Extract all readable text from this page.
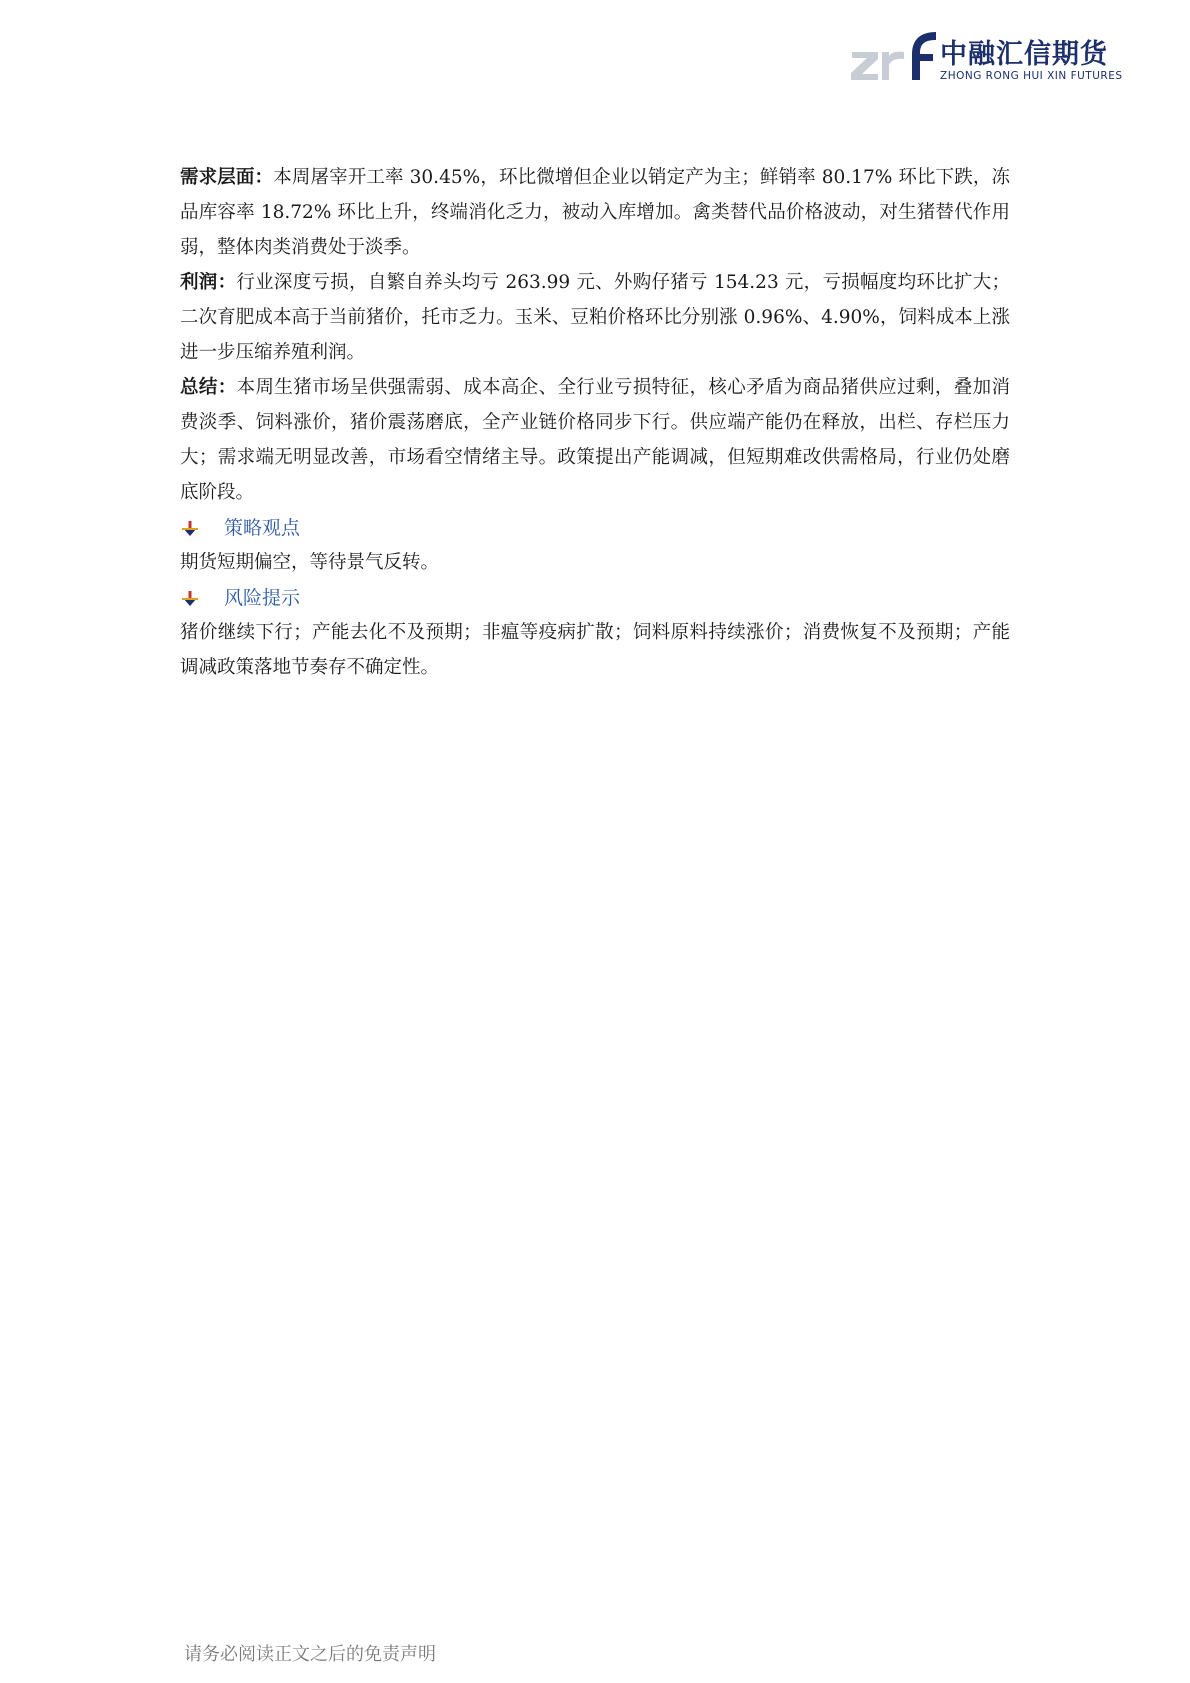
中融汇信期货
ZHONG RONG HUI XIN FUTURES

需求层面：本周屠宰开工率 30.45%，环比微增但企业以销定产为主；鲜销率 80.17% 环比下跌，冻品库容率 18.72% 环比上升，终端消化乏力，被动入库增加。禽类替代品价格波动，对生猪替代作用弱，整体肉类消费处于淡季。

利润：行业深度亏损，自繁自养头均亏 263.99 元、外购仔猪亏 154.23 元，亏损幅度均环比扩大；二次育肥成本高于当前猪价，托市乏力。玉米、豆粕价格环比分别涨 0.96%、4.90%，饲料成本上涨进一步压缩养殖利润。

总结：本周生猪市场呈供强需弱、成本高企、全行业亏损特征，核心矛盾为商品猪供应过剩，叠加消费淡季、饲料涨价，猪价震荡磨底，全产业链价格同步下行。供应端产能仍在释放，出栏、存栏压力大；需求端无明显改善，市场看空情绪主导。政策提出产能调减，但短期难改供需格局，行业仍处磨底阶段。

策略观点

期货短期偏空，等待景气反转。

风险提示

猪价继续下行；产能去化不及预期；非瘟等疫病扩散；饲料原料持续涨价；消费恢复不及预期；产能调减政策落地节奏存不确定性。

请务必阅读正文之后的免责声明
